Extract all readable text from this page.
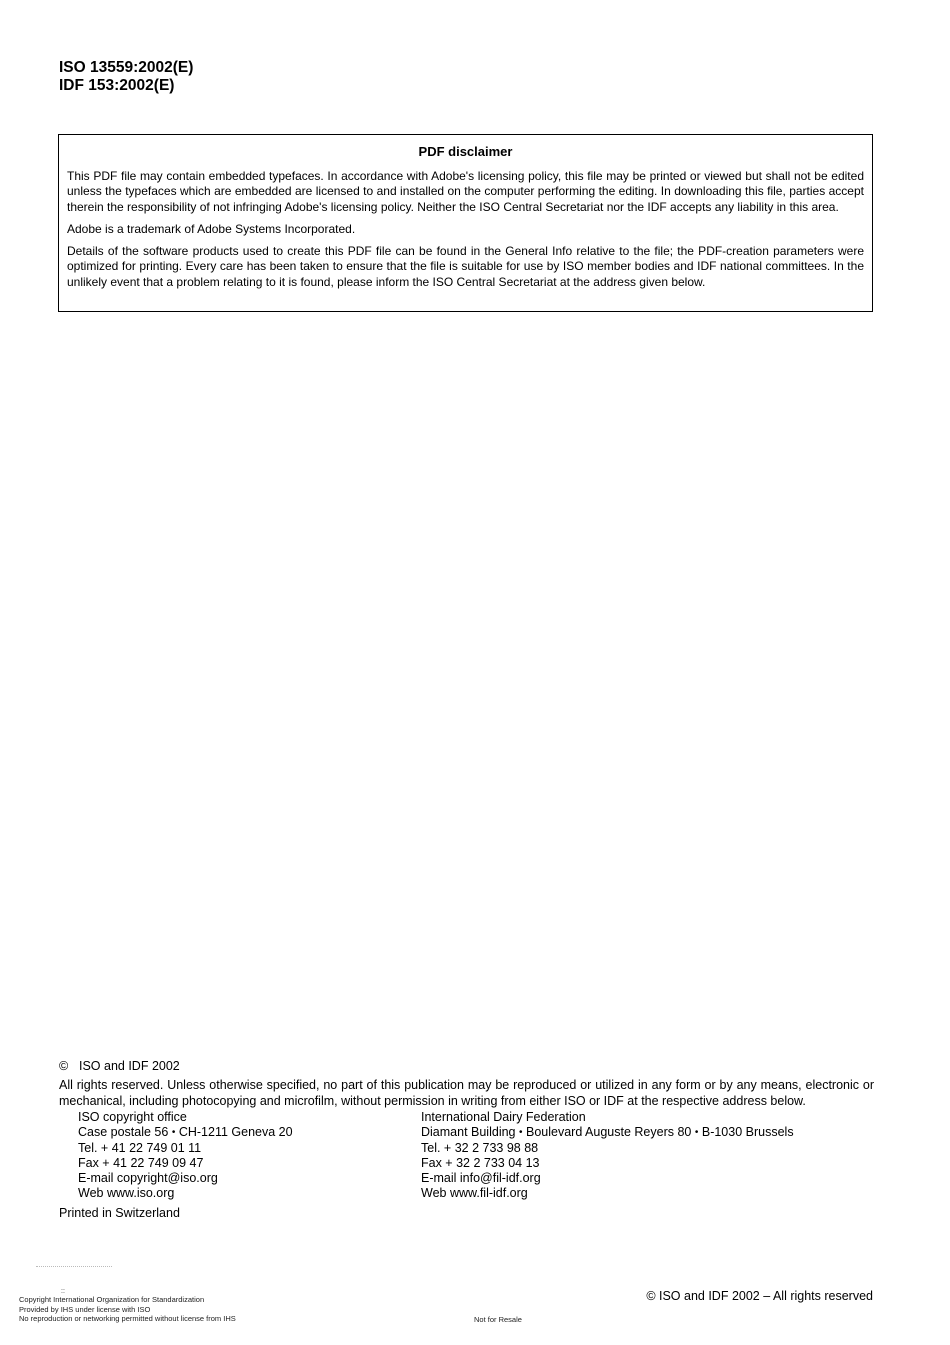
ISO 13559:2002(E)
IDF 153:2002(E)
PDF disclaimer

This PDF file may contain embedded typefaces. In accordance with Adobe's licensing policy, this file may be printed or viewed but shall not be edited unless the typefaces which are embedded are licensed to and installed on the computer performing the editing. In downloading this file, parties accept therein the responsibility of not infringing Adobe's licensing policy. Neither the ISO Central Secretariat nor the IDF accepts any liability in this area.

Adobe is a trademark of Adobe Systems Incorporated.

Details of the software products used to create this PDF file can be found in the General Info relative to the file; the PDF-creation parameters were optimized for printing. Every care has been taken to ensure that the file is suitable for use by ISO member bodies and IDF national committees. In the unlikely event that a problem relating to it is found, please inform the ISO Central Secretariat at the address given below.

© ISO and IDF 2002

All rights reserved. Unless otherwise specified, no part of this publication may be reproduced or utilized in any form or by any means, electronic or mechanical, including photocopying and microfilm, without permission in writing from either ISO or IDF at the respective address below.

ISO copyright office
Case postale 56 • CH-1211 Geneva 20
Tel. + 41 22 749 01 11
Fax + 41 22 749 09 47
E-mail copyright@iso.org
Web www.iso.org
International Dairy Federation
Diamant Building • Boulevard Auguste Reyers 80 • B-1030 Brussels
Tel. + 32 2 733 98 88
Fax + 32 2 733 04 13
E-mail info@fil-idf.org
Web www.fil-idf.org
Printed in Switzerland
::
Copyright International Organization for Standardization
Provided by IHS under license with ISO
No reproduction or networking permitted without license from IHS	Not for Resale
© ISO and IDF 2002 – All rights reserved
